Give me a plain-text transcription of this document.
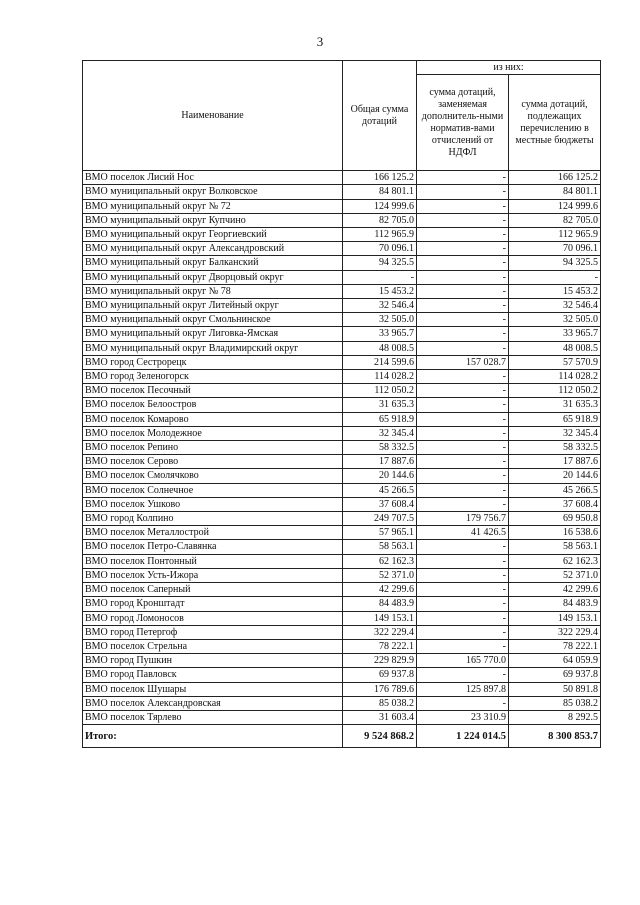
3
Наименование	Общая сумма дотаций	из них:	
		сумма дотаций, заменяемая дополнитель-ными норматив-вами отчислений от НДФЛ	сумма дотаций, подлежащих перечислению в местные бюджеты
ВМО поселок Лисий Нос	166 125.2	-	166 125.2
ВМО муниципальный округ Волковское	84 801.1	-	84 801.1
ВМО муниципальный округ № 72	124 999.6	-	124 999.6
ВМО муниципальный округ Купчино	82 705.0	-	82 705.0
ВМО муниципальный округ Георгиевский	112 965.9	-	112 965.9
ВМО муниципальный округ Александровский	70 096.1	-	70 096.1
ВМО муниципальный округ Балканский	94 325.5	-	94 325.5
ВМО муниципальный округ Дворцовый округ	-	-	-
ВМО муниципальный округ № 78	15 453.2	-	15 453.2
ВМО муниципальный округ Литейный округ	32 546.4	-	32 546.4
ВМО муниципальный округ Смольнинское	32 505.0	-	32 505.0
ВМО муниципальный округ Лиговка-Ямская	33 965.7	-	33 965.7
ВМО муниципальный округ Владимирский округ	48 008.5	-	48 008.5
ВМО город Сестрорецк	214 599.6	157 028.7	57 570.9
ВМО город Зеленогорск	114 028.2	-	114 028.2
ВМО поселок Песочный	112 050.2	-	112 050.2
ВМО поселок Белоостров	31 635.3	-	31 635.3
ВМО поселок Комарово	65 918.9	-	65 918.9
ВМО поселок Молодежное	32 345.4	-	32 345.4
ВМО поселок Репино	58 332.5	-	58 332.5
ВМО поселок Серово	17 887.6	-	17 887.6
ВМО поселок Смолячково	20 144.6	-	20 144.6
ВМО поселок Солнечное	45 266.5	-	45 266.5
ВМО поселок Ушково	37 608.4	-	37 608.4
ВМО город Колпино	249 707.5	179 756.7	69 950.8
ВМО поселок Металлострой	57 965.1	41 426.5	16 538.6
ВМО поселок Петро-Славянка	58 563.1	-	58 563.1
ВМО поселок Понтонный	62 162.3	-	62 162.3
ВМО поселок Усть-Ижора	52 371.0	-	52 371.0
ВМО поселок Саперный	42 299.6	-	42 299.6
ВМО город Кронштадт	84 483.9	-	84 483.9
ВМО город Ломоносов	149 153.1	-	149 153.1
ВМО город Петергоф	322 229.4	-	322 229.4
ВМО поселок Стрельна	78 222.1	-	78 222.1
ВМО город Пушкин	229 829.9	165 770.0	64 059.9
ВМО город Павловск	69 937.8	-	69 937.8
ВМО поселок Шушары	176 789.6	125 897.8	50 891.8
ВМО поселок Александровская	85 038.2	-	85 038.2
ВМО поселок Тярлево	31 603.4	23 310.9	8 292.5
Итого:	9 524 868.2	1 224 014.5	8 300 853.7
